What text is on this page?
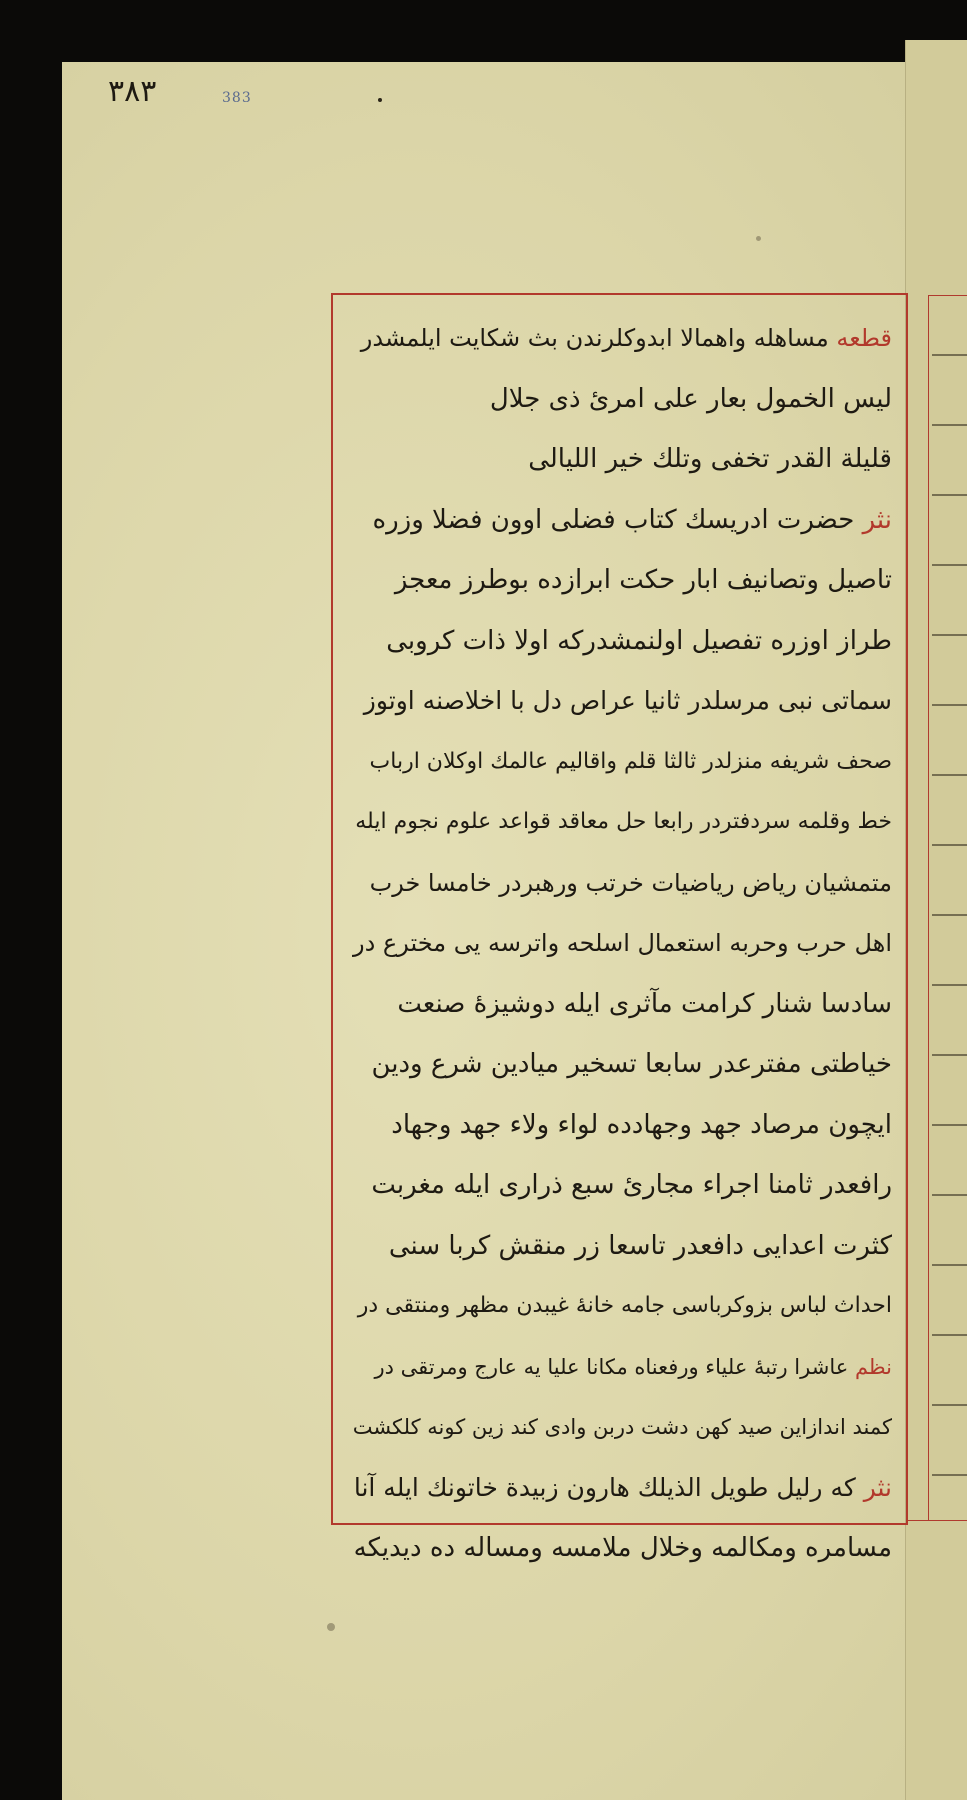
٣٨٣	383
قطعه مساهله واهمالا ابدوكلرندن بث شكايت ايلمشدر
ليس الخمول بعار على امرئ ذى جلال
قليلة القدر تخفى وتلك خير الليالى
نثر حضرت ادريسك كتاب فضلى اوون فضلا وزره
تاصيل وتصانيف ابار حكت ابرازده بوطرز معجز
طراز اوزره تفصيل اولنمشدركه اولا ذات كروبى
سماتى نبى مرسلدر ثانيا عراص دل با اخلاصنه اوتوز
صحف شريفه منزلدر ثالثا قلم واقاليم عالمك اوكلان ارباب
خط وقلمه سردفتردر رابعا حل معاقد قواعد علوم نجوم ايله
متمشيان رياض رياضيات خرتب ورهبردر خامسا خرب
اهل حرب وحربه استعمال اسلحه واترسه يى مخترع در
سادسا شنار كرامت مآثرى ايله دوشيزهٔ صنعت
خياطتى مفترعدر سابعا تسخير ميادين شرع ودين
ايچون مرصاد جهد وجهادده لواء ولاء جهد وجهاد
رافعدر ثامنا اجراء مجارئ سبع ذرارى ايله مغربت
كثرت اعدايى دافعدر تاسعا زر منقش كربا سنى
احداث لباس بزوكرباسى جامه خانهٔ غيبدن مظهر ومنتقى در
نظم عاشرا رتبهٔ علياء ورفعناه مكانا عليا يه عارج ومرتقى در
كمند اندازاين صيد كهن دشت دربن وادى كند زين كونه كلكشت
نثر كه رليل طويل الذيلك هارون زبيدة خاتونك ايله آنا
مسامره ومكالمه وخلال ملامسه ومساله ده ديديكه
